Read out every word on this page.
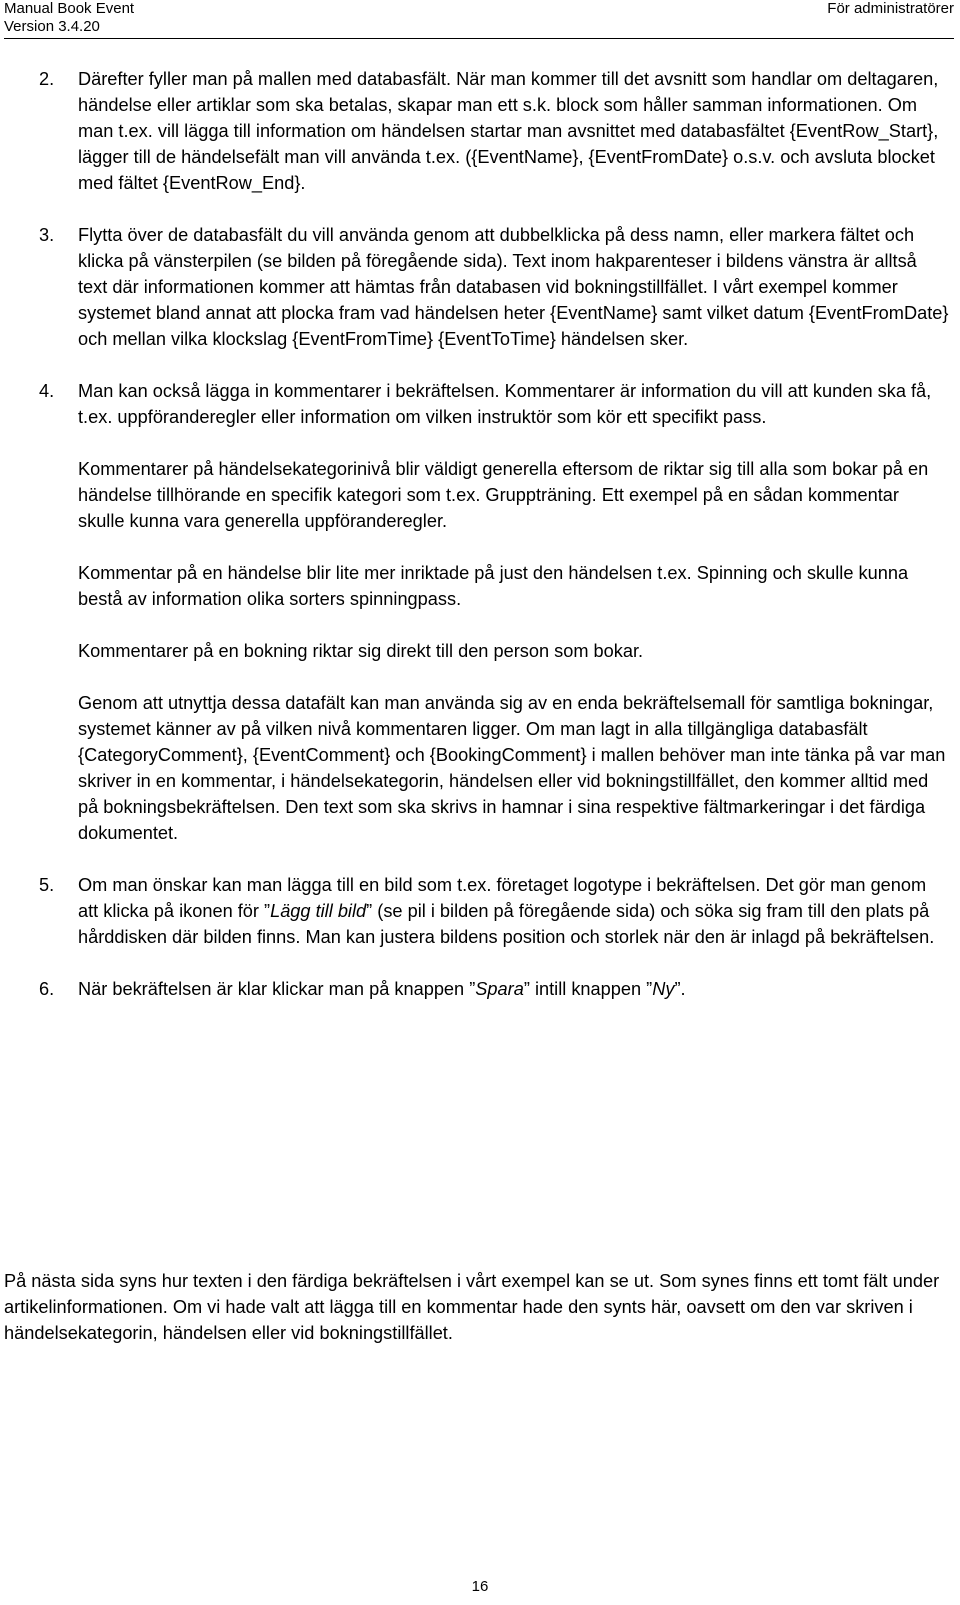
Manual Book Event
Version 3.4.20
För administratörer
2. Därefter fyller man på mallen med databasfält. När man kommer till det avsnitt som handlar om deltagaren, händelse eller artiklar som ska betalas, skapar man ett s.k. block som håller samman informationen. Om man t.ex. vill lägga till information om händelsen startar man avsnittet med databasfältet {EventRow_Start}, lägger till de händelsefält man vill använda t.ex. ({EventName}, {EventFromDate} o.s.v. och avsluta blocket med fältet {EventRow_End}.

3. Flytta över de databasfält du vill använda genom att dubbelklicka på dess namn, eller markera fältet och klicka på vänsterpilen (se bilden på föregående sida). Text inom hakparenteser i bildens vänstra är alltså text där informationen kommer att hämtas från databasen vid bokningstillfället. I vårt exempel kommer systemet bland annat att plocka fram vad händelsen heter {EventName} samt vilket datum {EventFromDate} och mellan vilka klockslag {EventFromTime} {EventToTime} händelsen sker.

4. Man kan också lägga in kommentarer i bekräftelsen. Kommentarer är information du vill att kunden ska få, t.ex. uppföranderegler eller information om vilken instruktör som kör ett specifikt pass.

Kommentarer på händelsekategorinivå blir väldigt generella eftersom de riktar sig till alla som bokar på en händelse tillhörande en specifik kategori som t.ex. Gruppträning. Ett exempel på en sådan kommentar skulle kunna vara generella uppföranderegler.

Kommentar på en händelse blir lite mer inriktade på just den händelsen t.ex. Spinning och skulle kunna bestå av information olika sorters spinningpass.

Kommentarer på en bokning riktar sig direkt till den person som bokar.

Genom att utnyttja dessa datafält kan man använda sig av en enda bekräftelsemall för samtliga bokningar, systemet känner av på vilken nivå kommentaren ligger. Om man lagt in alla tillgängliga databasfält {CategoryComment}, {EventComment} och {BookingComment} i mallen behöver man inte tänka på var man skriver in en kommentar, i händelsekategorin, händelsen eller vid bokningstillfället, den kommer alltid med på bokningsbekräftelsen. Den text som ska skrivs in hamnar i sina respektive fältmarkeringar i det färdiga dokumentet.

5. Om man önskar kan man lägga till en bild som t.ex. företaget logotype i bekräftelsen. Det gör man genom att klicka på ikonen för ”Lägg till bild” (se pil i bilden på föregående sida) och söka sig fram till den plats på hårddisken där bilden finns. Man kan justera bildens position och storlek när den är inlagd på bekräftelsen.

6. När bekräftelsen är klar klickar man på knappen ”Spara” intill knappen ”Ny”.

På nästa sida syns hur texten i den färdiga bekräftelsen i vårt exempel kan se ut. Som synes finns ett tomt fält under artikelinformationen. Om vi hade valt att lägga till en kommentar hade den synts här, oavsett om den var skriven i händelsekategorin, händelsen eller vid bokningstillfället.

16
